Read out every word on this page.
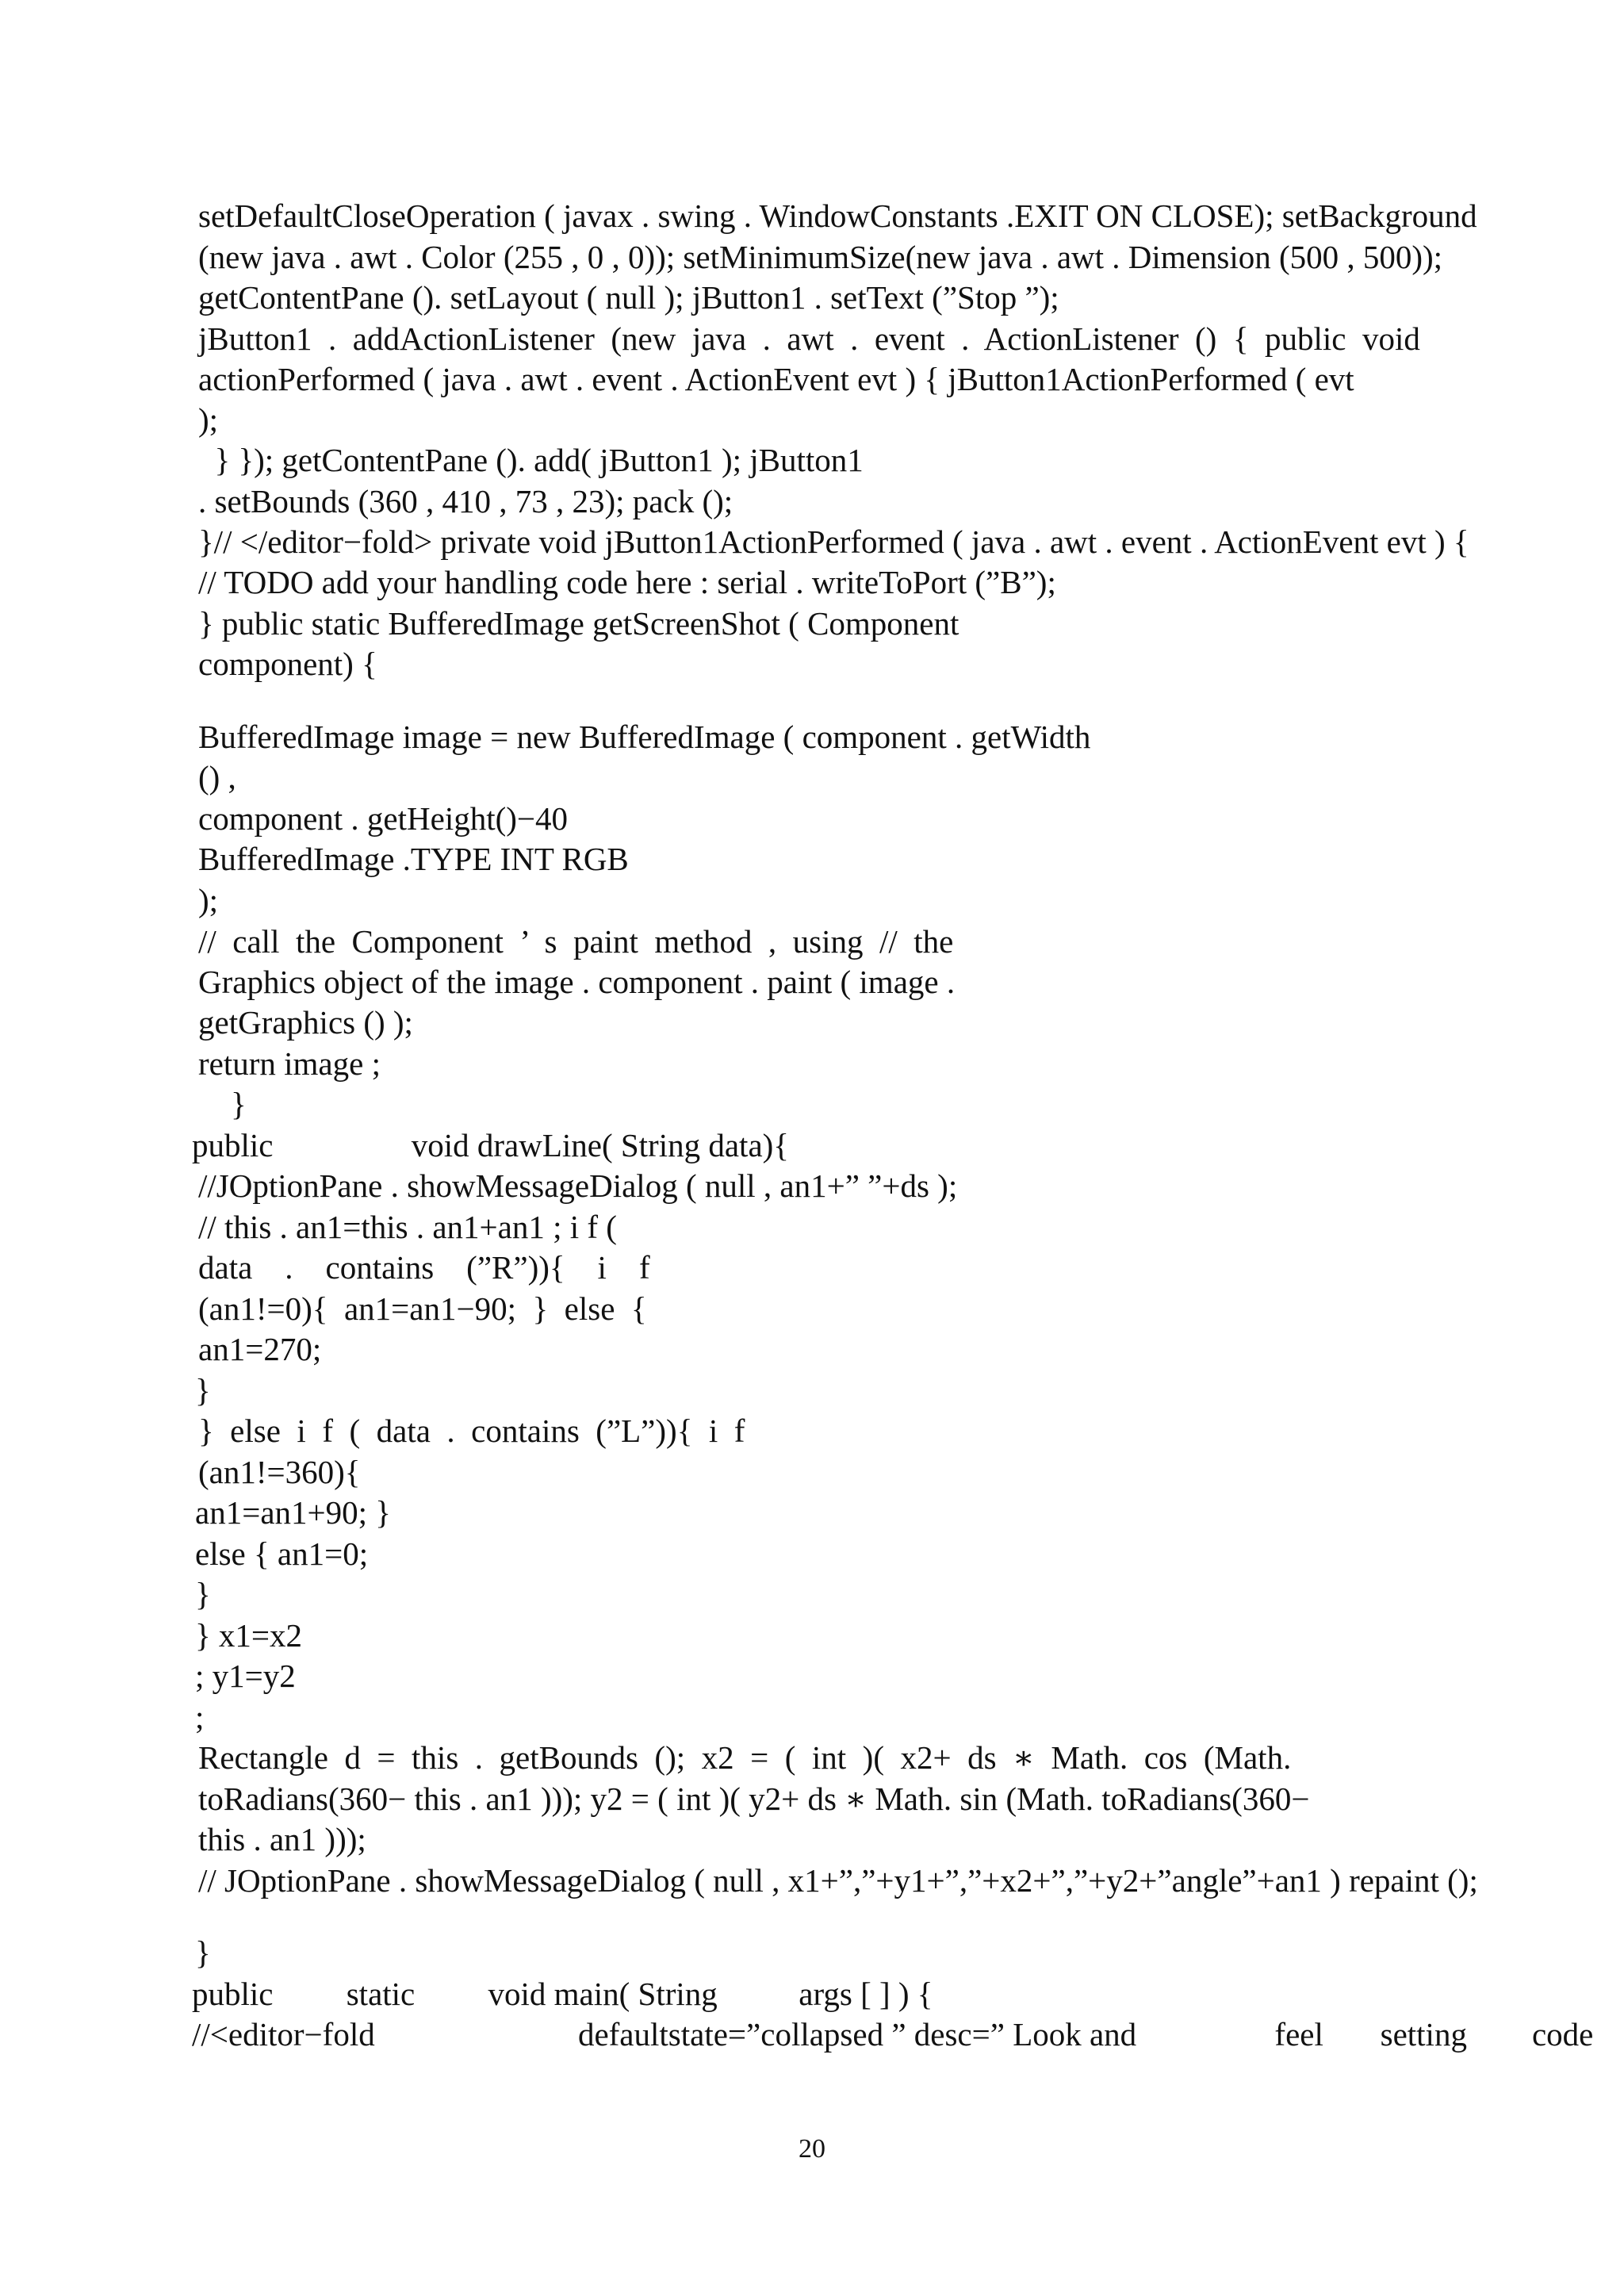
setDefaultCloseOperation ( javax . swing . WindowConstants .EXIT ON CLOSE); setBackground
(new java . awt . Color (255 , 0 , 0)); setMinimumSize(new java . awt . Dimension (500 , 500));
getContentPane (). setLayout ( null ); jButton1 . setText (”Stop ”);
jButton1  .  addActionListener  (new  java  .  awt  .  event  .  ActionListener  ()  {  public  void
actionPerformed ( java . awt . event . ActionEvent evt ) { jButton1ActionPerformed ( evt
);
} }); getContentPane (). add( jButton1 ); jButton1
. setBounds (360 , 410 , 73 , 23); pack ();
}// </editor−fold> private void jButton1ActionPerformed ( java . awt . event . ActionEvent evt ) {
// TODO add your handling code here : serial . writeToPort (”B”);
} public static BufferedImage getScreenShot ( Component
component) {
BufferedImage image = new BufferedImage ( component . getWidth
() ,
component . getHeight()−40
BufferedImage .TYPE INT RGB
);
//  call  the  Component  ’  s  paint  method  ,  using  //  the
Graphics object of the image . component . paint ( image .
getGraphics () );
return image ;
}
public                 void drawLine( String data){
//JOptionPane . showMessageDialog ( null , an1+” ”+ds );
// this . an1=this . an1+an1 ; i f (
data    .    contains    (”R”)){    i    f
(an1!=0){  an1=an1−90;  }  else  {
an1=270;
}
}  else  i  f  (  data  .  contains  (”L”)){  i  f
(an1!=360){
an1=an1+90; }
else { an1=0;
}
} x1=x2
; y1=y2
;
Rectangle  d  =  this  .  getBounds  ();  x2  =  (  int  )(  x2+  ds  ∗  Math.  cos  (Math.
toRadians(360− this . an1 ))); y2 = ( int )( y2+ ds ∗ Math. sin (Math. toRadians(360−
this . an1 )));
// JOptionPane . showMessageDialog ( null , x1+”,”+y1+”,”+x2+”,”+y2+”angle”+an1 ) repaint ();
}
public         static         void main( String          args [ ] ) {
//<editor−fold                         defaultstate=”collapsed ” desc=” Look and                 feel       setting        code
20
